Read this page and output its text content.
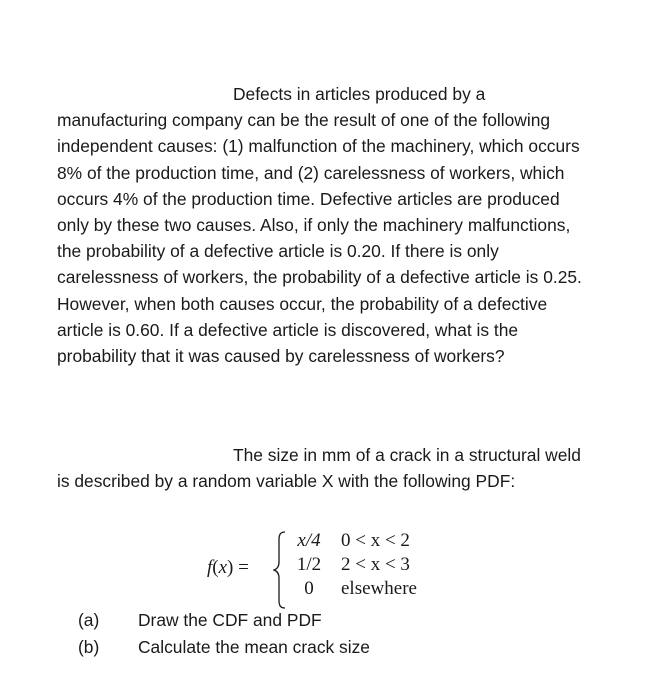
Defects in articles produced by a manufacturing company can be the result of one of the following independent causes: (1) malfunction of the machinery, which occurs 8% of the production time, and (2) carelessness of workers, which occurs 4% of the production time. Defective articles are produced only by these two causes. Also, if only the machinery malfunctions, the probability of a defective article is 0.20. If there is only carelessness of workers, the probability of a defective article is 0.25. However, when both causes occur, the probability of a defective article is 0.60. If a defective article is discovered, what is the probability that it was caused by carelessness of workers?

The size in mm of a crack in a structural weld is described by a random variable X with the following PDF:

f(x) =
x/4	0 < x < 2
1/2	2 < x < 3
0	elsewhere
(a) Draw the CDF and PDF
(b) Calculate the mean crack size
